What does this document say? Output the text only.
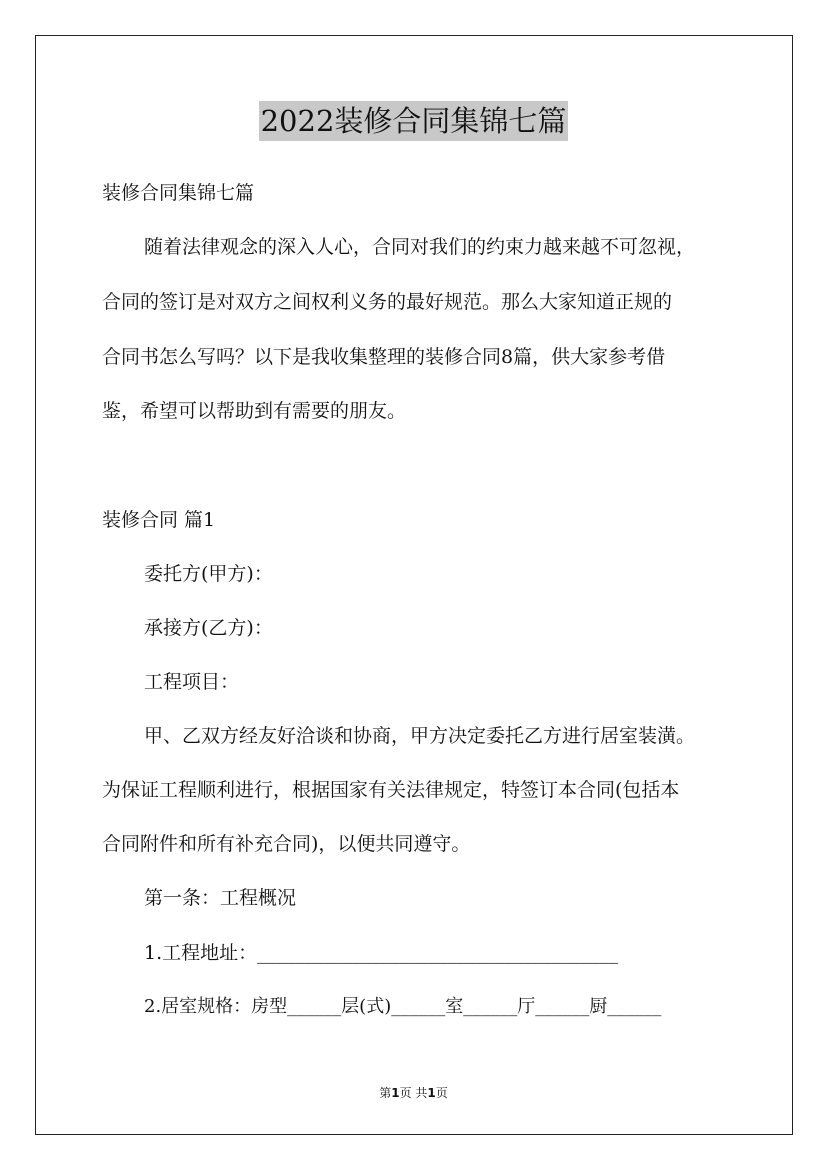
2022装修合同集锦七篇
装修合同集锦七篇
随着法律观念的深入人心，合同对我们的约束力越来越不可忽视，
合同的签订是对双方之间权利义务的最好规范。那么大家知道正规的
合同书怎么写吗？以下是我收集整理的装修合同8篇，供大家参考借
鉴，希望可以帮助到有需要的朋友。
装修合同 篇1
委托方(甲方)：
承接方(乙方)：
工程项目：
甲、乙双方经友好洽谈和协商，甲方决定委托乙方进行居室装潢。
为保证工程顺利进行，根据国家有关法律规定，特签订本合同(包括本
合同附件和所有补充合同)，以便共同遵守。
第一条：工程概况
1.工程地址：______________________________________
2.居室规格：房型______层(式)______室______厅______厨______
第1页 共1页
